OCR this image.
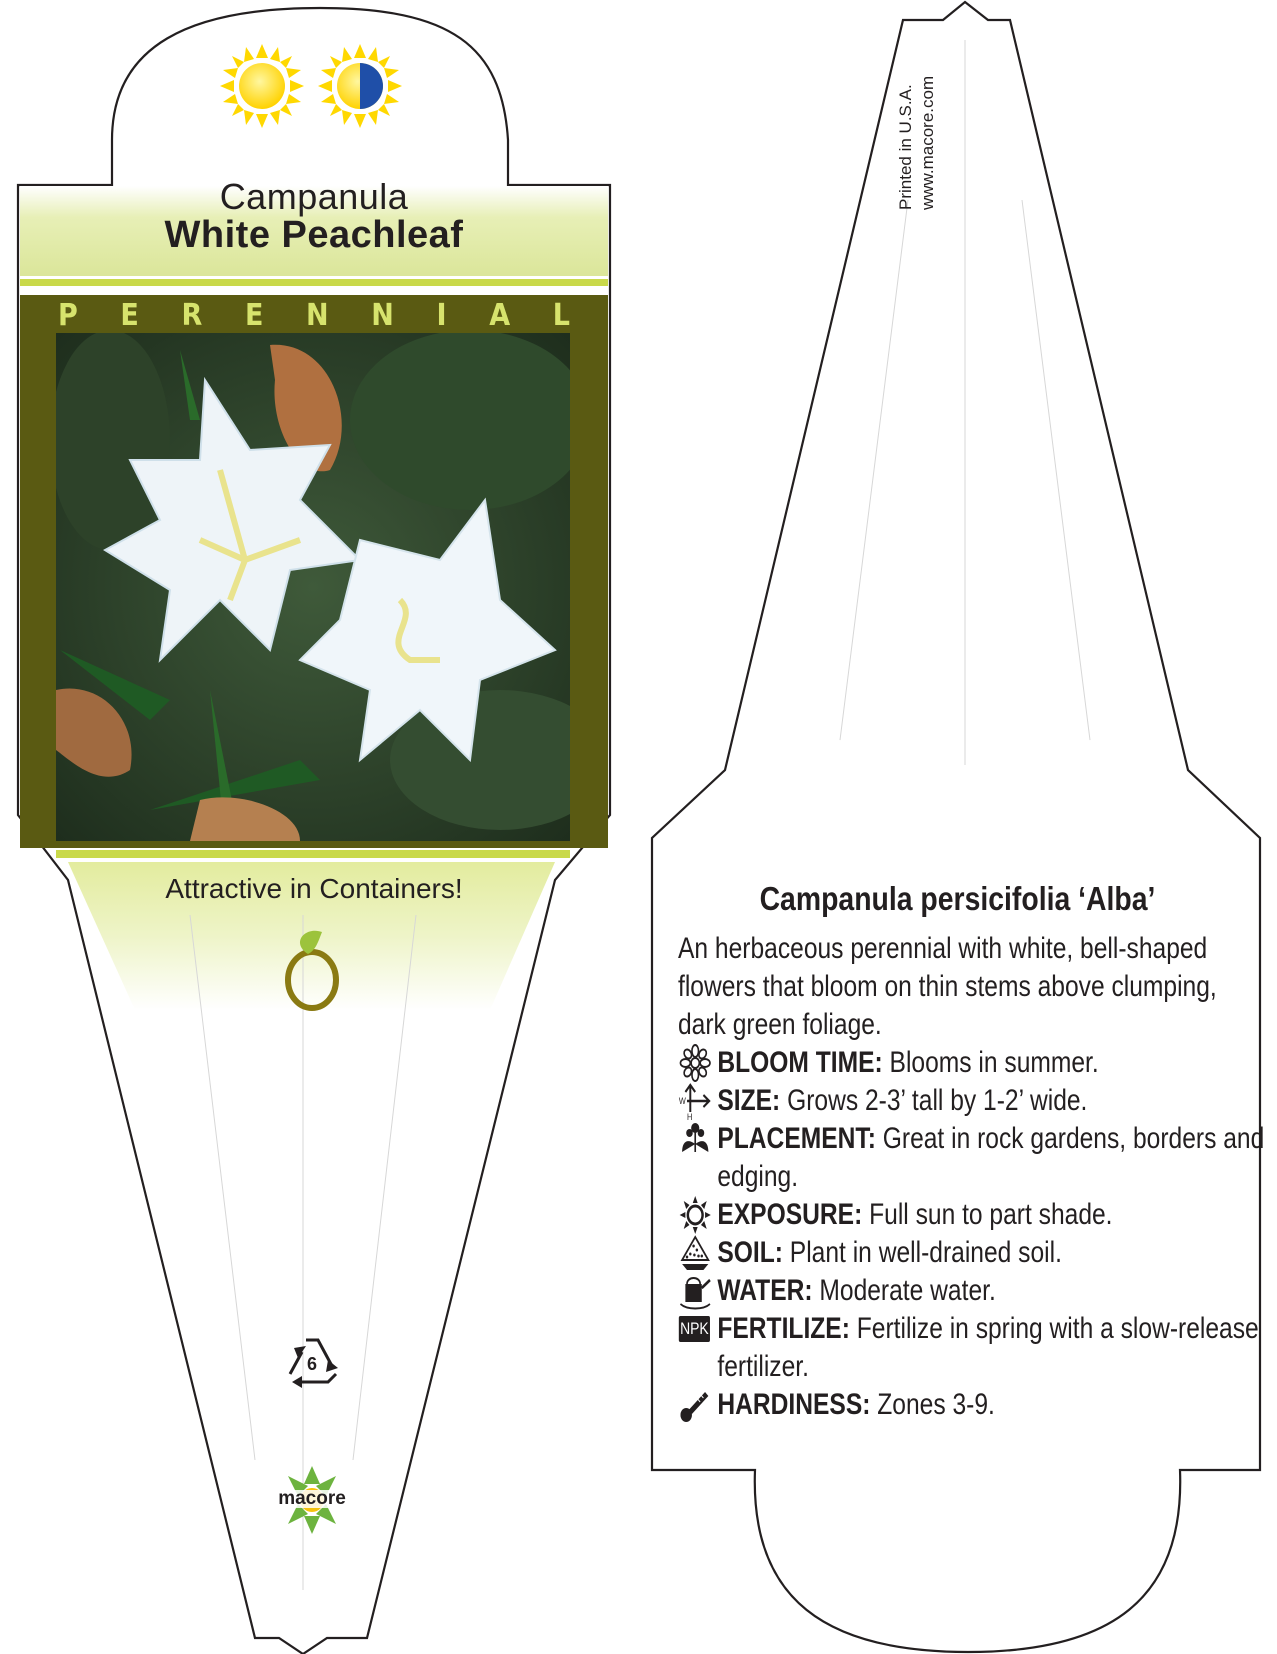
Campanula
White Peachleaf
P E R E N N I A L
Attractive in Containers!
6
macore
Printed in U.S.A. www.macore.com
Campanula persicifolia ‘Alba’
An herbaceous perennial with white, bell-shaped flowers that bloom on thin stems above clumping, dark green foliage.
BLOOM TIME: Blooms in summer.
W
H
SIZE: Grows 2-3’ tall by 1-2’ wide.
PLACEMENT: Great in rock gardens, borders and edging.
EXPOSURE: Full sun to part shade.
SOIL: Plant in well-drained soil.
WATER: Moderate water.
NPK FERTILIZE: Fertilize in spring with a slow-release fertilizer.
HARDINESS: Zones 3-9.
